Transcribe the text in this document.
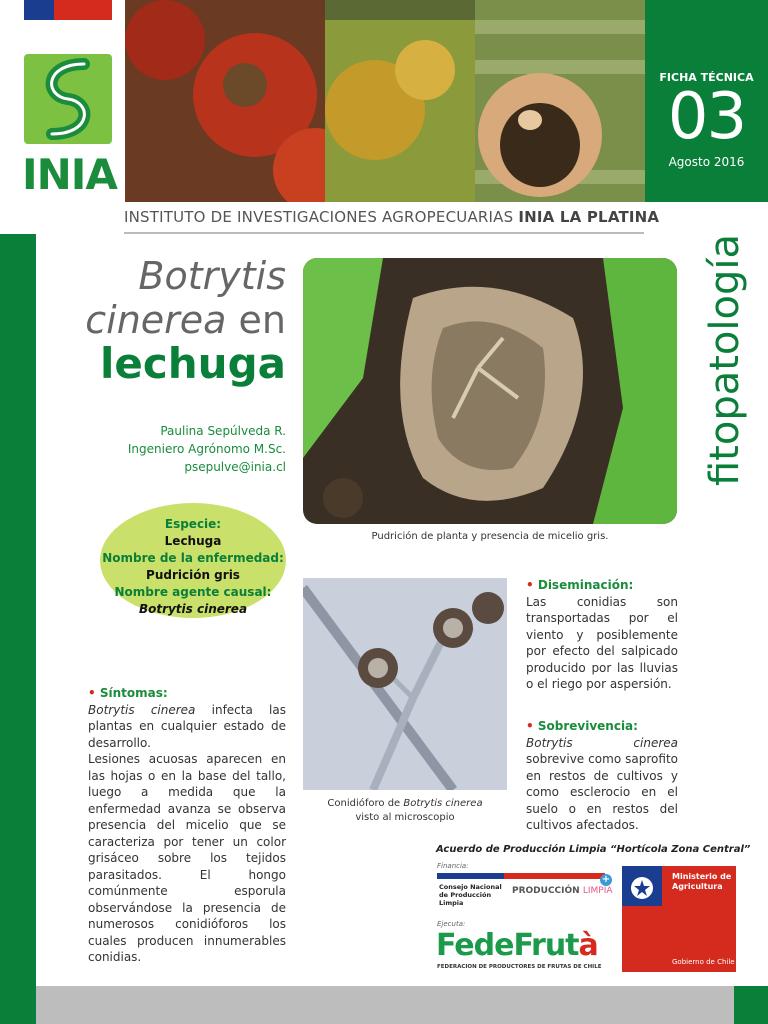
INIA
FICHA TÉCNICA
03
Agosto 2016
INSTITUTO DE INVESTIGACIONES AGROPECUARIAS INIA LA PLATINA
fitopatología
Botrytis
cinerea en
lechuga
Paulina Sepúlveda R.
Ingeniero Agrónomo M.Sc.
psepulve@inia.cl
Pudrición de planta y presencia de micelio gris.
Conidióforo de Botrytis cinerea
visto al microscopio
Especie:
Lechuga
Nombre de la enfermedad:
Pudrición gris
Nombre agente causal:
Botrytis cinerea
• Síntomas:
Botrytis cinerea infecta las plantas en cualquier estado de desarrollo.
Lesiones acuosas aparecen en las hojas o en la base del tallo, luego a medida que la enfermedad avanza se observa presencia del micelio que se caracteriza por tener un color grisáceo sobre los tejidos parasitados. El hongo comúnmente esporula observándose la presencia de numerosos conidióforos los cuales producen innumerables conidias.
• Diseminación:
Las conidias son transportadas por el viento y posiblemente por efecto del salpicado producido por las lluvias o el riego por aspersión.
• Sobrevivencia:
Botrytis cinerea sobrevive como saprofito en restos de cultivos y como esclerocio en el suelo o en restos del cultivos afectados.
Acuerdo de Producción Limpia “Hortícola Zona Central”
Financia:
Consejo Nacional de Producción Limpia
PRODUCCIÓN LIMPIA
+
Ejecuta:
FedeFrutà
FEDERACION DE PRODUCTORES DE FRUTAS DE CHILE
Ministerio de Agricultura
Gobierno de Chile
